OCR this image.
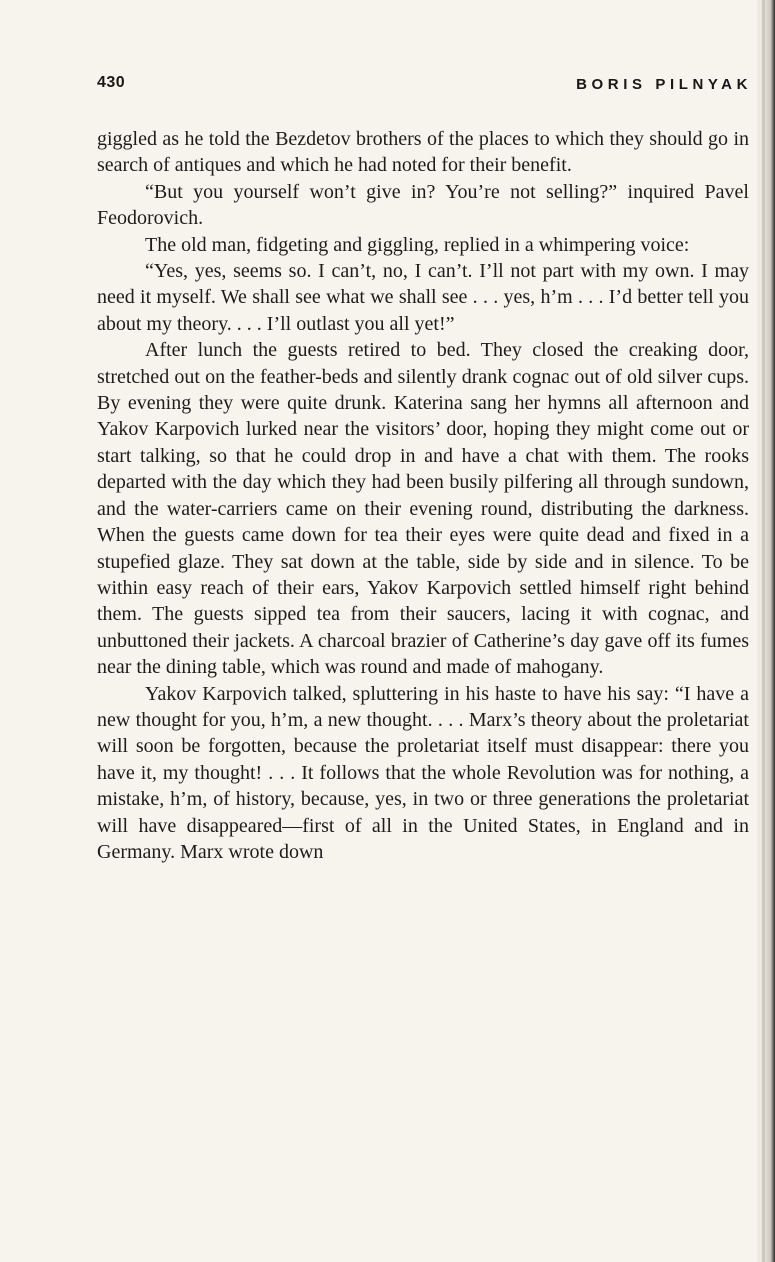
430	BORIS PILNYAK

giggled as he told the Bezdetov brothers of the places to which they should go in search of antiques and which he had noted for their benefit.

“But you yourself won’t give in? You’re not selling?” inquired Pavel Feodorovich.

The old man, fidgeting and giggling, replied in a whimpering voice:

“Yes, yes, seems so. I can’t, no, I can’t. I’ll not part with my own. I may need it myself. We shall see what we shall see . . . yes, h’m . . . I’d better tell you about my theory. . . . I’ll outlast you all yet!”

After lunch the guests retired to bed. They closed the creaking door, stretched out on the feather-beds and silently drank cognac out of old silver cups. By evening they were quite drunk. Katerina sang her hymns all afternoon and Yakov Karpovich lurked near the visitors’ door, hoping they might come out or start talking, so that he could drop in and have a chat with them. The rooks departed with the day which they had been busily pilfering all through sundown, and the water-carriers came on their evening round, distributing the darkness. When the guests came down for tea their eyes were quite dead and fixed in a stupefied glaze. They sat down at the table, side by side and in silence. To be within easy reach of their ears, Yakov Karpovich settled himself right behind them. The guests sipped tea from their saucers, lacing it with cognac, and unbuttoned their jackets. A charcoal brazier of Catherine’s day gave off its fumes near the dining table, which was round and made of mahogany.

Yakov Karpovich talked, spluttering in his haste to have his say: “I have a new thought for you, h’m, a new thought. . . . Marx’s theory about the proletariat will soon be forgotten, because the proletariat itself must disappear: there you have it, my thought! . . . It follows that the whole Revolution was for nothing, a mistake, h’m, of history, because, yes, in two or three generations the proletariat will have disappeared—first of all in the United States, in England and in Germany. Marx wrote down
